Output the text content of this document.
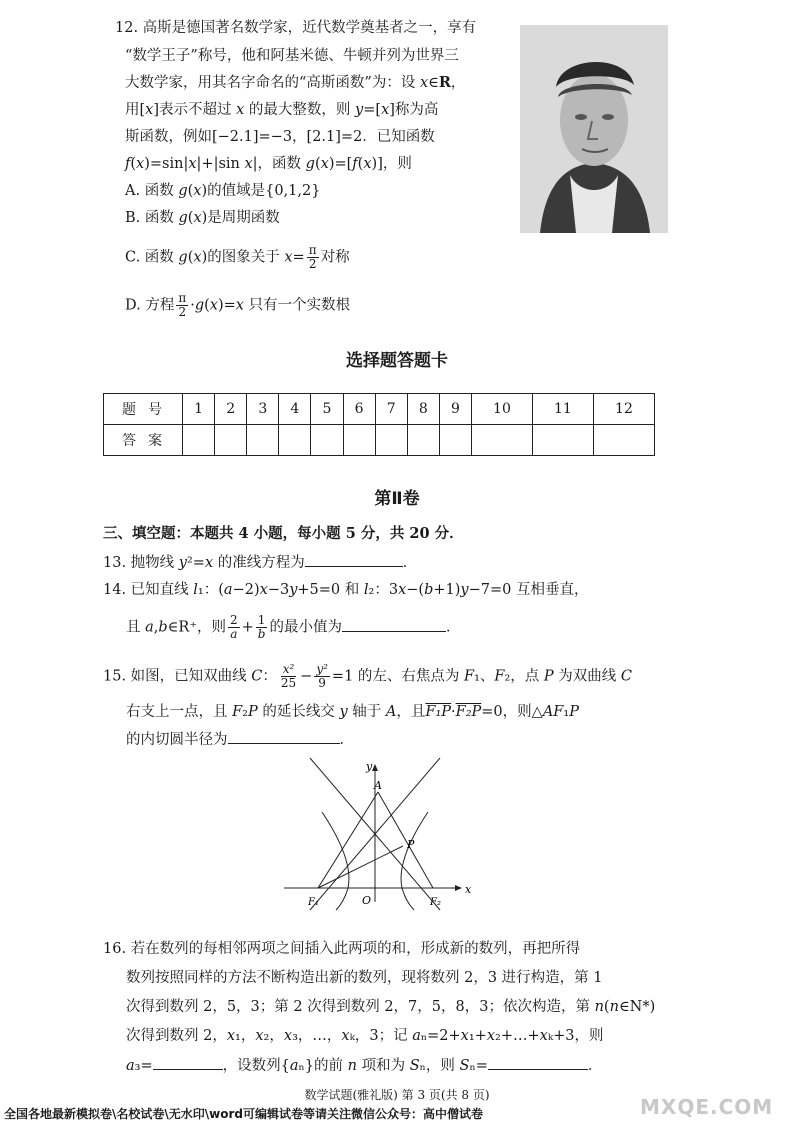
12. 高斯是德国著名数学家，近代数学奠基者之一，享有
“数学王子”称号，他和阿基米德、牛顿并列为世界三
大数学家，用其名字命名的“高斯函数”为：设 x∈R，
用[x]表示不超过 x 的最大整数，则 y=[x]称为高
斯函数，例如[−2.1]=−3，[2.1]=2．已知函数
f(x)=sin|x|+|sin x|，函数 g(x)=[f(x)]，则
A. 函数 g(x)的值域是{0,1,2}
B. 函数 g(x)是周期函数
C. 函数 g(x)的图象关于 $x= \frac{\pi}{2}$ 对称
D. 方程 $\frac{\pi}{2} \cdot g(x)=x$ 只有一个实数根
选择题答题卡
题号	1	2	3	4	5	6	7	8	9	10	11	12
答案												
第Ⅱ卷
三、填空题：本题共 4 小题，每小题 5 分，共 20 分．
13. 抛物线 y²=x 的准线方程为	．
14. 已知直线 l₁：(a−2)x−3y+5=0 和 l₂：3x−(b+1)y−7=0 互相垂直，
且 a,b∈R⁺，则 $\frac{2}{a} + \frac{1}{b}$ 的最小值为	．
15. 如图，已知双曲线 C： $\frac{\text{x²}}{25} - \frac{\text{y²}}{9} =1$ 的左、右焦点为 F₁、F₂，点 P 为双曲线 C
右支上一点，且 F₂P 的延长线交 y 轴于 A，且F₁P·F₂P=0，则△AF₁P
的内切圆半径为	．
y
x
A
P
O
F₁	F₂
16. 若在数列的每相邻两项之间插入此两项的和，形成新的数列，再把所得
数列按照同样的方法不断构造出新的数列，现将数列 2，3 进行构造，第 1
次得到数列 2，5，3；第 2 次得到数列 2，7，5，8，3；依次构造，第 n(n∈N*)
次得到数列 2，x₁，x₂，x₃，…，xₖ，3；记 aₙ=2+x₁+x₂+…+xₖ+3，则
a₃=	，设数列{aₙ}的前 n 项和为 Sₙ，则 Sₙ=	．
数学试题(雅礼版) 第 3 页(共 8 页)
全国各地最新模拟卷\名校试卷\无水印\word可编辑试卷等请关注微信公众号：高中僧试卷	MXQE.COM
